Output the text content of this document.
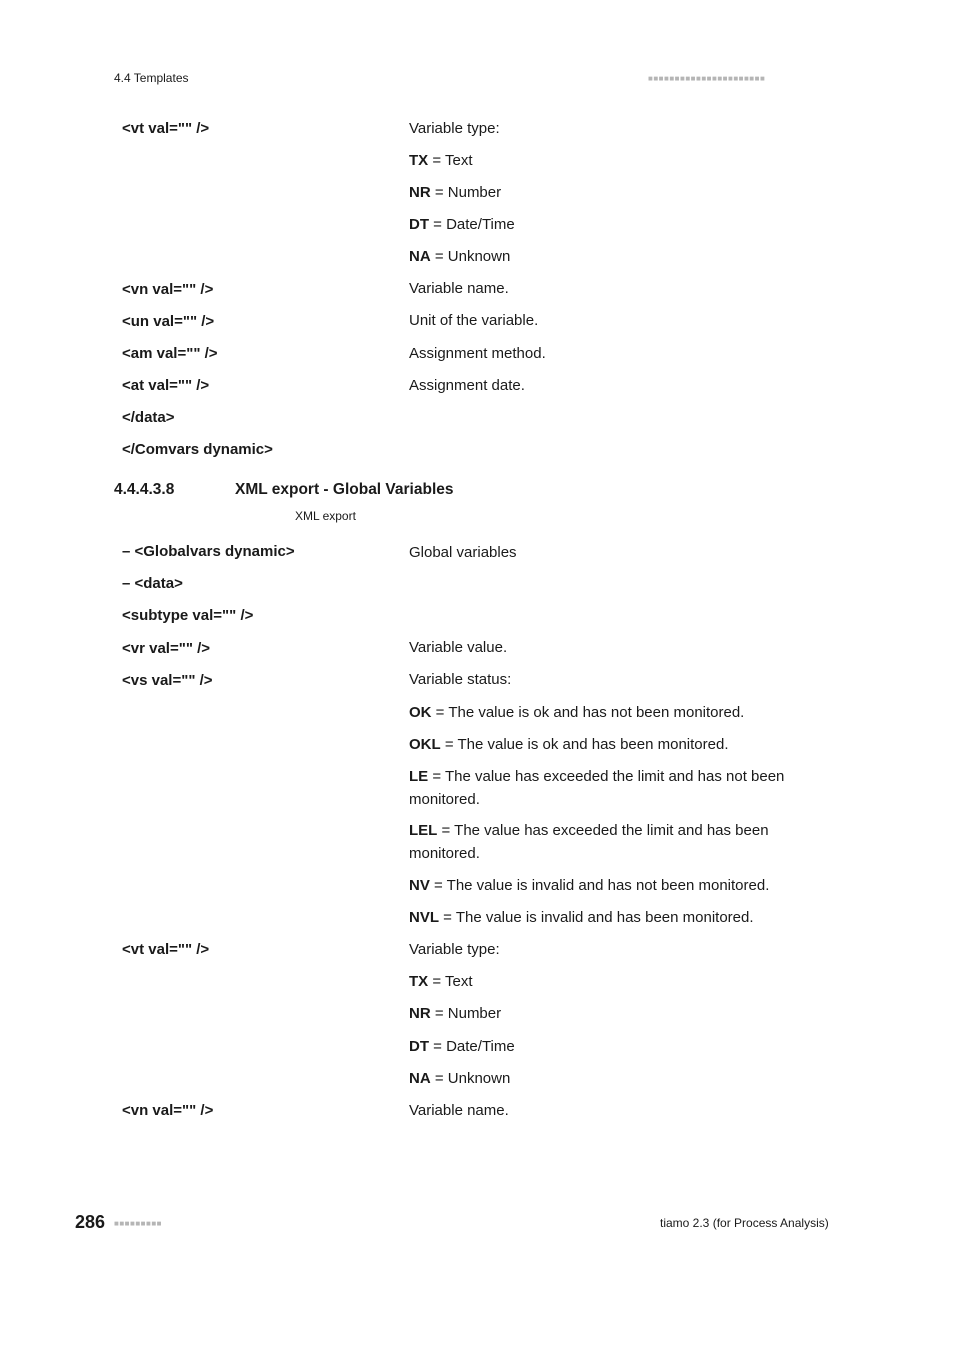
4.4 Templates	■■■■■■■■■■■■■■■■■■■■■■
<vt val="" />	Variable type:
TX = Text
NR = Number
DT = Date/Time
NA = Unknown
<vn val="" />	Variable name.
<un val="" />	Unit of the variable.
<am val="" />	Assignment method.
<at val="" />	Assignment date.
</data>
</Comvars dynamic>
4.4.4.3.8	XML export - Global Variables
XML export
– <Globalvars dynamic>	Global variables
– <data>
<subtype val="" />
<vr val="" />	Variable value.
<vs val="" />	Variable status:
OK = The value is ok and has not been monitored.
OKL = The value is ok and has been monitored.
LE = The value has exceeded the limit and has not been monitored.
LEL = The value has exceeded the limit and has been monitored.
NV = The value is invalid and has not been monitored.
NVL = The value is invalid and has been monitored.
<vt val="" />	Variable type:
TX = Text
NR = Number
DT = Date/Time
NA = Unknown
<vn val="" />	Variable name.
286 ■■■■■■■■■	tiamo 2.3 (for Process Analysis)
